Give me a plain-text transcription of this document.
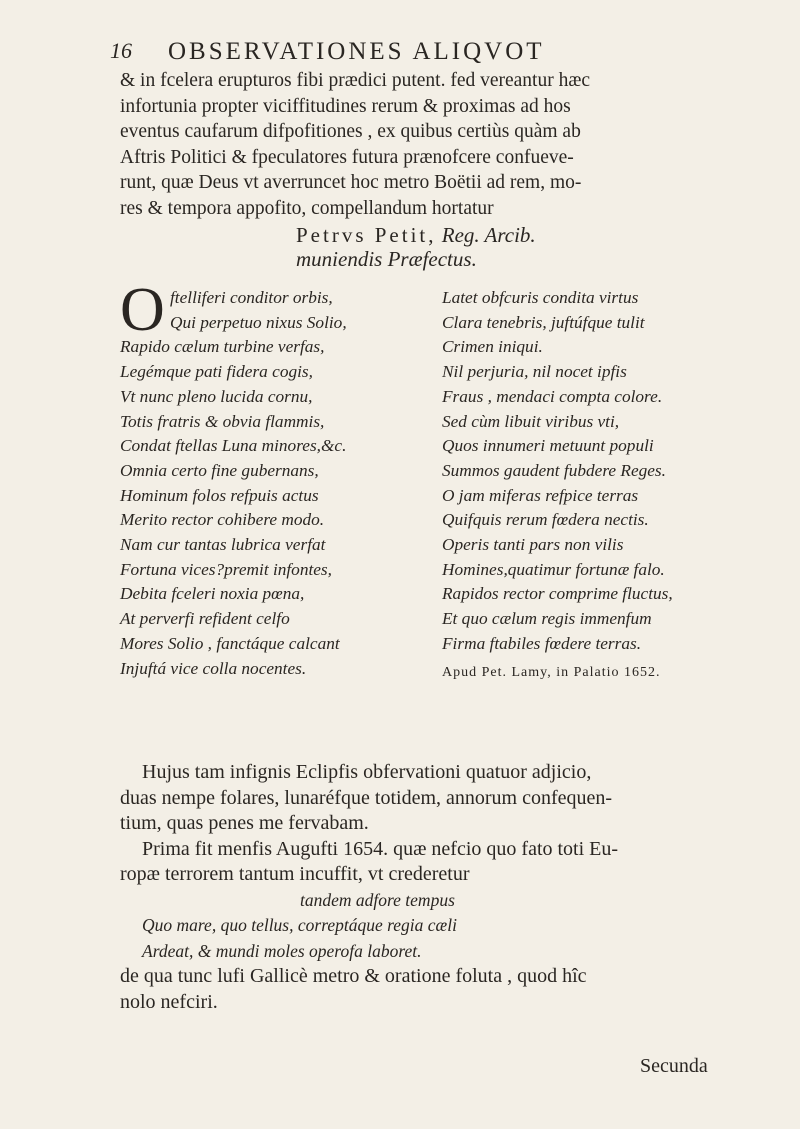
16 OBSERVATIONES ALIQVOT
& in fcelera erupturos fibi prædici putent. fed vereantur hæc
infortunia propter viciffitudines rerum & proximas ad hos
eventus caufarum difpofitiones , ex quibus certiùs quàm ab
Aftris Politici & fpeculatores futura prænofcere confueve-
runt, quæ Deus vt averruncet hoc metro Boëtii ad rem, mo-
res & tempora appofito, compellandum hortatur
Petrvs Petit, Reg. Arcib.
muniendis Præfectus.
O ftelliferi conditor orbis,
Qui perpetuo nixus Solio,
Rapido cælum turbine verfas,
Legémque pati fidera cogis,
Vt nunc pleno lucida cornu,
Totis fratris & obvia flammis,
Condat ftellas Luna minores,&c.
Omnia certo fine gubernans,
Hominum folos refpuis actus
Merito rector cohibere modo.
Nam cur tantas lubrica verfat
Fortuna vices?premit infontes,
Debita fceleri noxia pœna,
At perverfi refident celfo
Mores Solio , fanctáque calcant
Injuftá vice colla nocentes.
Latet obfcuris condita virtus
Clara tenebris, juftúfque tulit
Crimen iniqui.
Nil perjuria, nil nocet ipfis
Fraus , mendaci compta colore.
Sed cùm libuit viribus vti,
Quos innumeri metuunt populi
Summos gaudent fubdere Reges.
O jam miferas refpice terras
Quifquis rerum fœdera nectis.
Operis tanti pars non vilis
Homines,quatimur fortunæ falo.
Rapidos rector comprime fluctus,
Et quo cælum regis immenfum
Firma ftabiles fœdere terras.
Apud Pet. Lamy, in Palatio 1652.
Hujus tam infignis Eclipfis obfervationi quatuor adjicio,
duas nempe folares, lunaréfque totidem, annorum confequen-
tium, quas penes me fervabam.
Prima fit menfis Augufti 1654. quæ nefcio quo fato toti Eu-
ropæ terrorem tantum incuffit, vt crederetur
tandem adfore tempus
Quo mare, quo tellus, correptáque regia cæli
Ardeat, & mundi moles operofa laboret.
de qua tunc lufi Gallicè metro & oratione foluta , quod hîc
nolo nefciri.
Secunda
